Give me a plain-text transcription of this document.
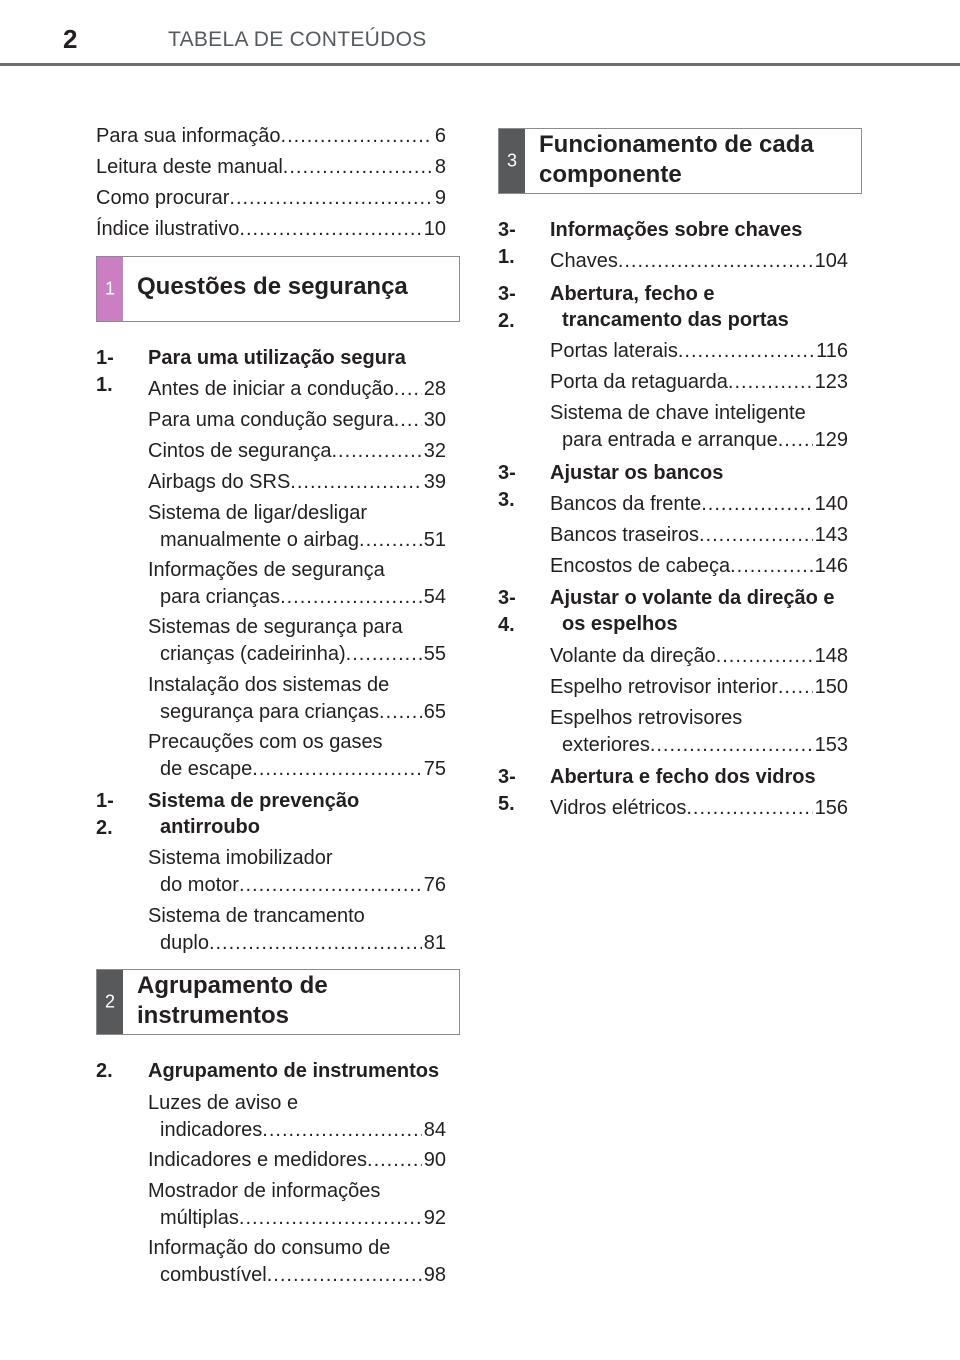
2	TABELA DE CONTEÚDOS
Para sua informação .....	6
Leitura deste manual .....	8
Como procurar .....	9
Índice ilustrativo .....	10
1 Questões de segurança
1-1.
Para uma utilização segura
Antes de iniciar a condução ..... 28
Para uma condução segura ..... 30
Cintos de segurança .....	32
Airbags do SRS .....	39
Sistema de ligar/desligar
manualmente o airbag .....	51
Informações de segurança
para crianças .....	54
Sistemas de segurança para
crianças (cadeirinha) .....	55
Instalação dos sistemas de
segurança para crianças ..... 65
Precauções com os gases
de escape .....	75
1-2.
Sistema de prevenção
antirroubo
Sistema imobilizador
do motor .....	76
Sistema de trancamento
duplo .....	81
2
Agrupamento de
instrumentos
2. Agrupamento de instrumentos
Luzes de aviso e
indicadores .....	84
Indicadores e medidores .....	90
Mostrador de informações
múltiplas .....	92
Informação do consumo de
combustível .....	98
3
Funcionamento de cada
componente
3-1.
Informações sobre chaves
Chaves .....	104
3-2.
Abertura, fecho e
trancamento das portas
Portas laterais .....	116
Porta da retaguarda .....	123
Sistema de chave inteligente
para entrada e arranque ..... 129
3-3.
Ajustar os bancos
Bancos da frente .....	140
Bancos traseiros .....	143
Encostos de cabeça .....	146
3-4.
Ajustar o volante da direção e
os espelhos
Volante da direção .....	148
Espelho retrovisor interior ..... 150
Espelhos retrovisores
exteriores .....	153
3-5.
Abertura e fecho dos vidros
Vidros elétricos .....	156
